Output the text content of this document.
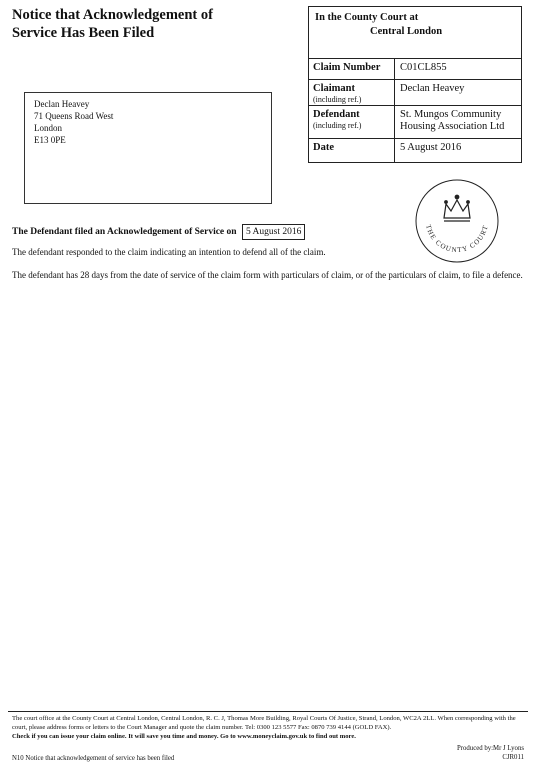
Notice that Acknowledgement of
Service Has Been Filed
In the County Court at
Central London
Claim Number	C01CL855
Claimant
(including ref.)
Declan Heavey
Defendant
(including ref.)
St. Mungos Community Housing Association Ltd
Date	5 August 2016
Declan Heavey
71 Queens Road West
London
E13 0PE
THE COUNTY COURT
The Defendant filed an Acknowledgement of Service on 5 August 2016
The defendant responded to the claim indicating an intention to defend all of the claim.
The defendant has 28 days from the date of service of the claim form with particulars of claim, or of the particulars of claim, to file a defence.
The court office at the County Court at Central London, Central London, R. C. J, Thomas More Building, Royal Courts Of Justice, Strand, London, WC2A 2LL. When corresponding with the court, please address forms or letters to the Court Manager and quote the claim number. Tel: 0300 123 5577 Fax: 0870 739 4144 (GOLD FAX).
Check if you can issue your claim online. It will save you time and money. Go to www.moneyclaim.gov.uk to find out more.
Produced by:Mr J Lyons
CJR011
N10 Notice that acknowledgement of service has been filed
